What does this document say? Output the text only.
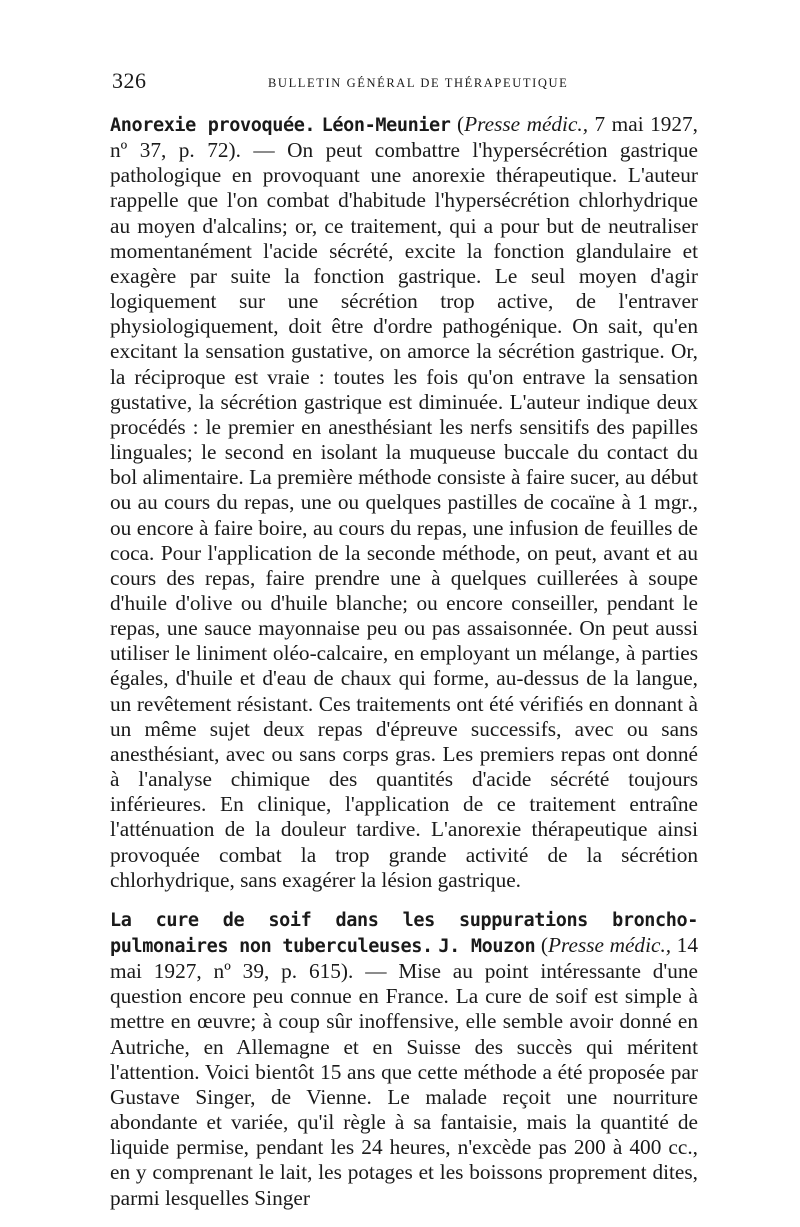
326	BULLETIN GÉNÉRAL DE THÉRAPEUTIQUE

Anorexie provoquée. Léon-Meunier (Presse médic., 7 mai 1927, nº 37, p. 72). — On peut combattre l'hypersécrétion gastrique pathologique en provoquant une anorexie thérapeutique. L'auteur rappelle que l'on combat d'habitude l'hypersécrétion chlorhydrique au moyen d'alcalins; or, ce traitement, qui a pour but de neutraliser momentanément l'acide sécrété, excite la fonction glandulaire et exagère par suite la fonction gastrique. Le seul moyen d'agir logiquement sur une sécrétion trop active, de l'entraver physiologiquement, doit être d'ordre pathogénique. On sait, qu'en excitant la sensation gustative, on amorce la sécrétion gastrique. Or, la réciproque est vraie : toutes les fois qu'on entrave la sensation gustative, la sécrétion gastrique est diminuée. L'auteur indique deux procédés : le premier en anesthésiant les nerfs sensitifs des papilles linguales; le second en isolant la muqueuse buccale du contact du bol alimentaire. La première méthode consiste à faire sucer, au début ou au cours du repas, une ou quelques pastilles de cocaïne à 1 mgr., ou encore à faire boire, au cours du repas, une infusion de feuilles de coca. Pour l'application de la seconde méthode, on peut, avant et au cours des repas, faire prendre une à quelques cuillerées à soupe d'huile d'olive ou d'huile blanche; ou encore conseiller, pendant le repas, une sauce mayonnaise peu ou pas assaisonnée. On peut aussi utiliser le liniment oléo-calcaire, en employant un mélange, à parties égales, d'huile et d'eau de chaux qui forme, au-dessus de la langue, un revêtement résistant. Ces traitements ont été vérifiés en donnant à un même sujet deux repas d'épreuve successifs, avec ou sans anesthésiant, avec ou sans corps gras. Les premiers repas ont donné à l'analyse chimique des quantités d'acide sécrété toujours inférieures. En clinique, l'application de ce traitement entraîne l'atténuation de la douleur tardive. L'anorexie thérapeutique ainsi provoquée combat la trop grande activité de la sécrétion chlorhydrique, sans exagérer la lésion gastrique.

La cure de soif dans les suppurations broncho-pulmonaires non tuberculeuses. J. Mouzon (Presse médic., 14 mai 1927, nº 39, p. 615). — Mise au point intéressante d'une question encore peu connue en France. La cure de soif est simple à mettre en œuvre; à coup sûr inoffensive, elle semble avoir donné en Autriche, en Allemagne et en Suisse des succès qui méritent l'attention. Voici bientôt 15 ans que cette méthode a été proposée par Gustave Singer, de Vienne. Le malade reçoit une nourriture abondante et variée, qu'il règle à sa fantaisie, mais la quantité de liquide permise, pendant les 24 heures, n'excède pas 200 à 400 cc., en y comprenant le lait, les potages et les boissons proprement dites, parmi lesquelles Singer
